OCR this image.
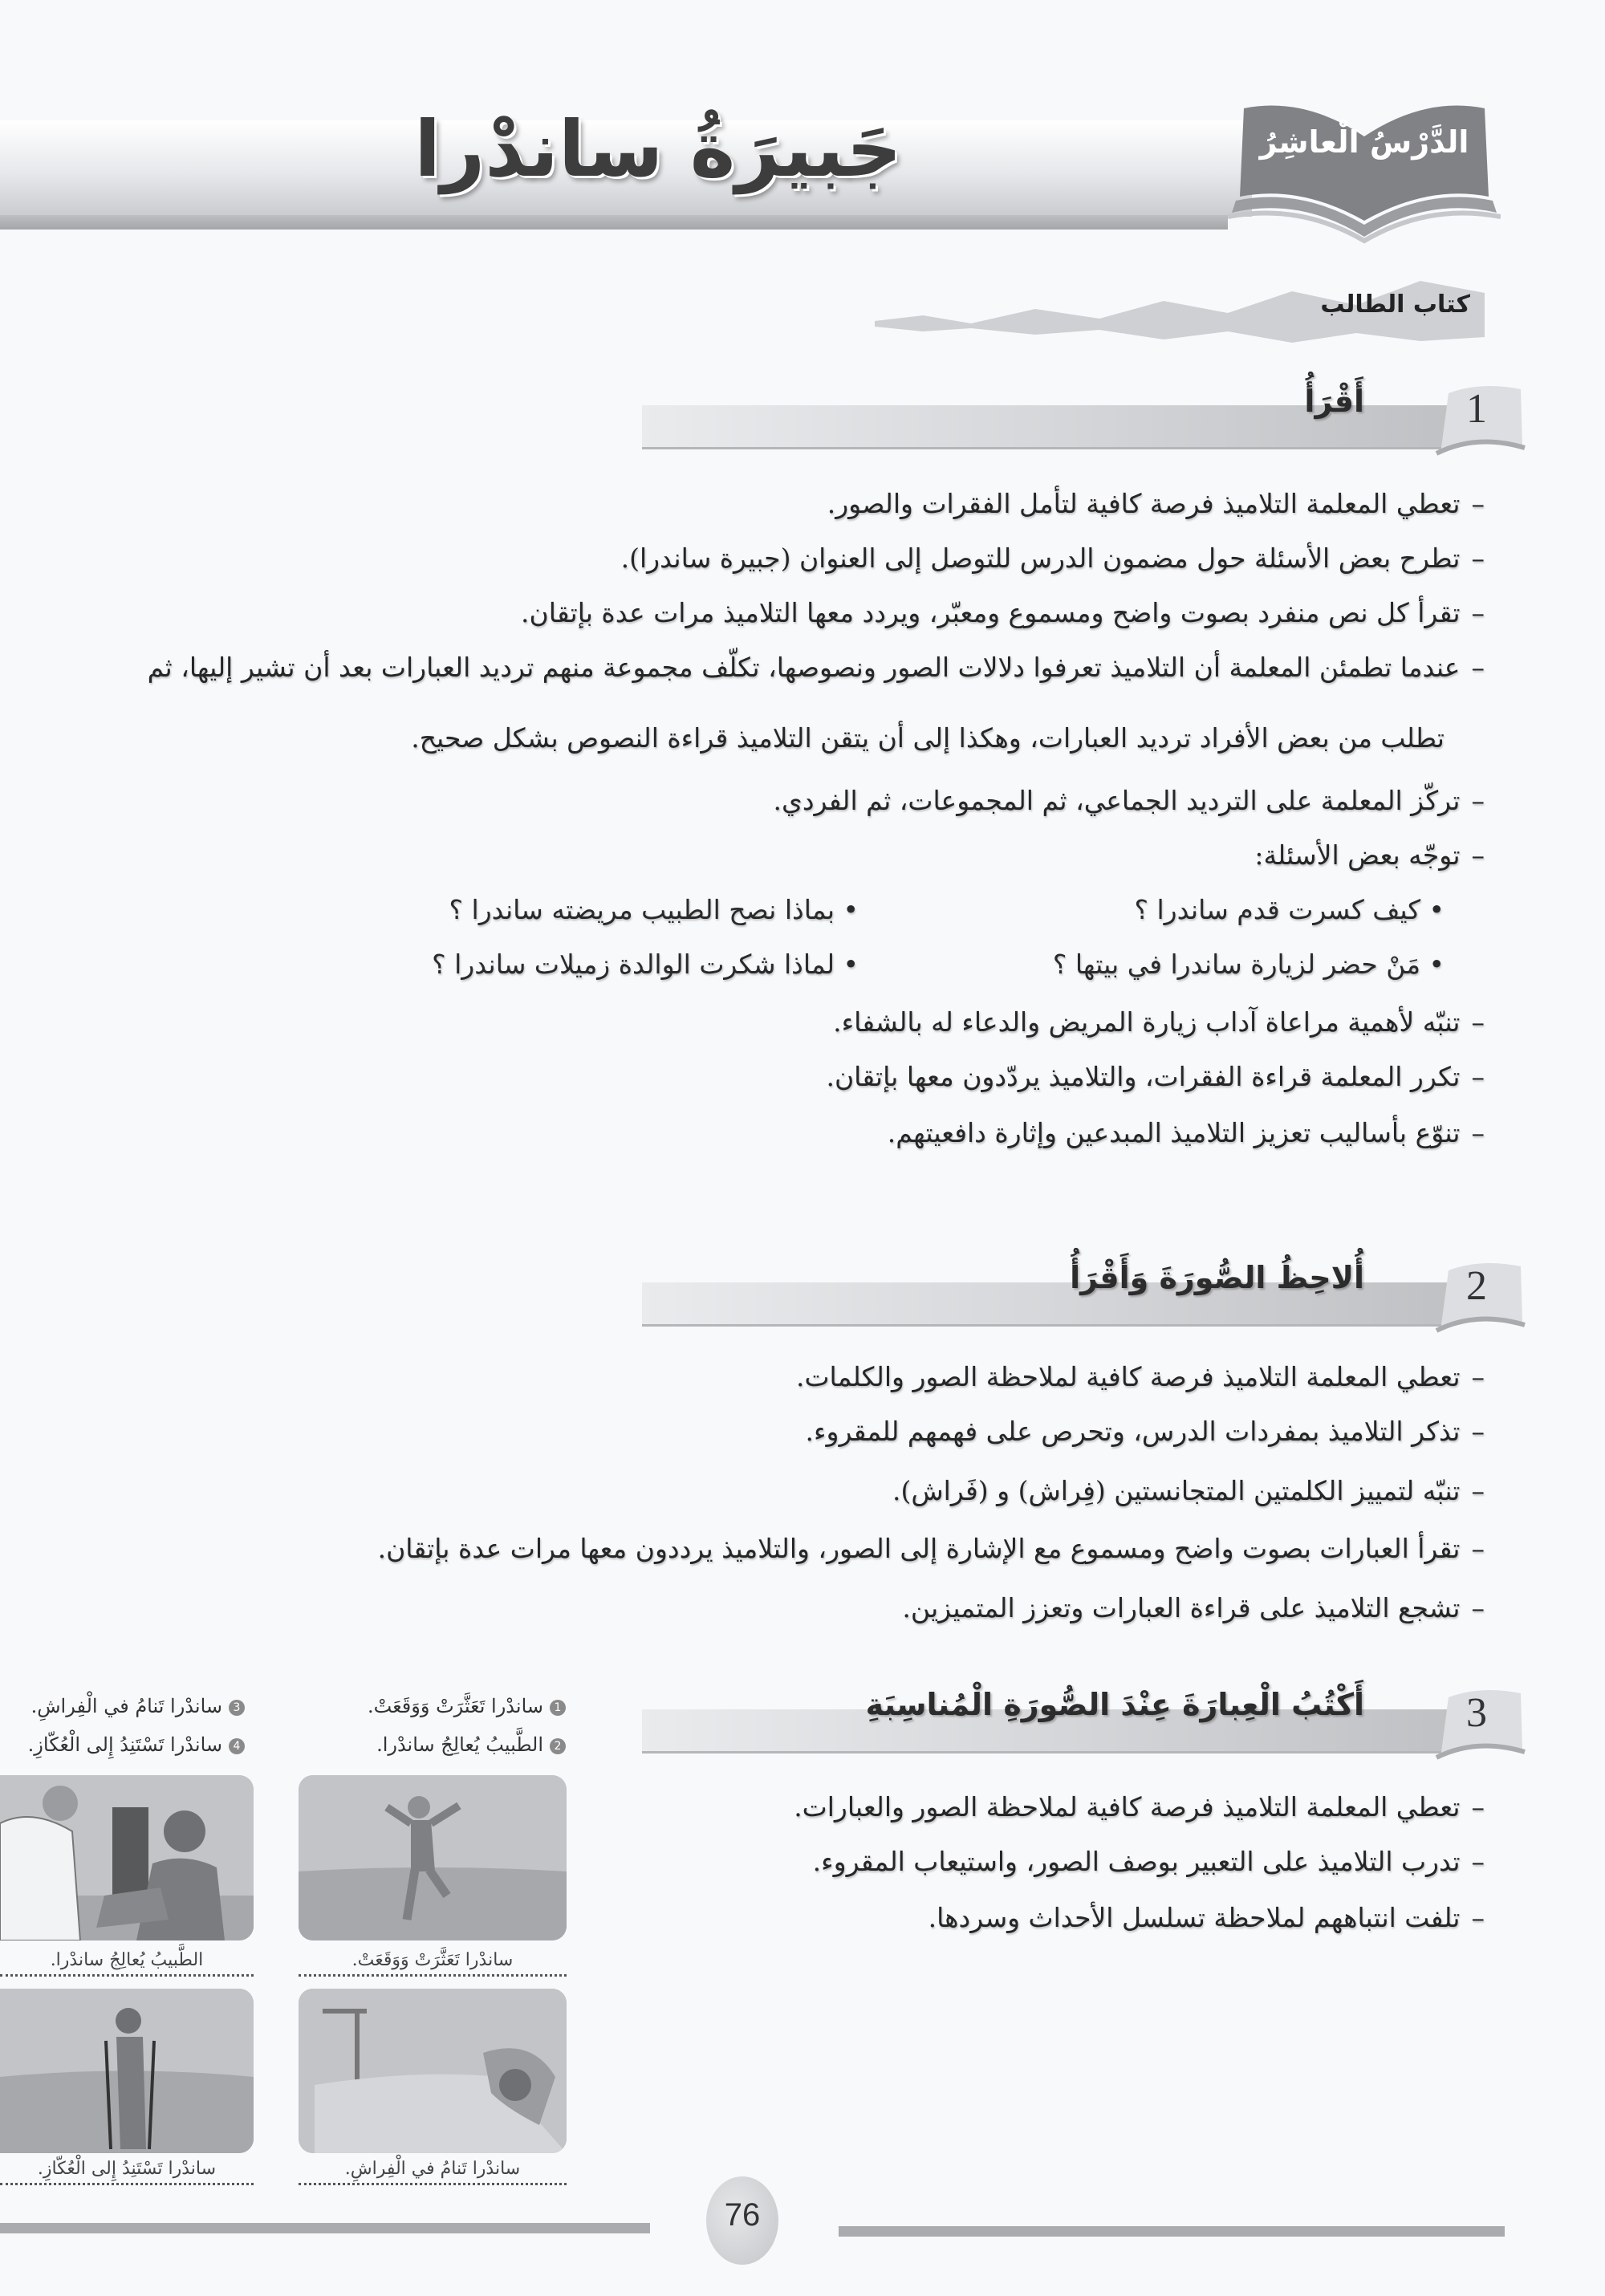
جَبيرَةُ ساندْرا	الدَّرْسُ الْعاشِرُ
كتاب الطالب
1
أَقْرَأُ
–تعطي المعلمة التلاميذ فرصة كافية لتأمل الفقرات والصور.
–تطرح بعض الأسئلة حول مضمون الدرس للتوصل إلى العنوان (جبيرة ساندرا).
–تقرأ كل نص منفرد بصوت واضح ومسموع ومعبّر، ويردد معها التلاميذ مرات عدة بإتقان.
–عندما تطمئن المعلمة أن التلاميذ تعرفوا دلالات الصور ونصوصها، تكلّف مجموعة منهم ترديد العبارات بعد أن تشير إليها، ثم
تطلب من بعض الأفراد ترديد العبارات، وهكذا إلى أن يتقن التلاميذ قراءة النصوص بشكل صحيح.
–تركّز المعلمة على الترديد الجماعي، ثم المجموعات، ثم الفردي.
–توجّه بعض الأسئلة:
• كيف كسرت قدم ساندرا ؟
• بماذا نصح الطبيب مريضته ساندرا ؟
• مَنْ حضر لزيارة ساندرا في بيتها ؟
• لماذا شكرت الوالدة زميلات ساندرا ؟
–تنبّه لأهمية مراعاة آداب زيارة المريض والدعاء له بالشفاء.
–تكرر المعلمة قراءة الفقرات، والتلاميذ يردّدون معها بإتقان.
–تنوّع بأساليب تعزيز التلاميذ المبدعين وإثارة دافعيتهم.
2
أُلاحِظُ الصُّورَةَ وَأَقْرَأُ
–تعطي المعلمة التلاميذ فرصة كافية لملاحظة الصور والكلمات.
–تذكر التلاميذ بمفردات الدرس، وتحرص على فهمهم للمقروء.
–تنبّه لتمييز الكلمتين المتجانستين (فِراش) و (فَراش).
–تقرأ العبارات بصوت واضح ومسموع مع الإشارة إلى الصور، والتلاميذ يرددون معها مرات عدة بإتقان.
–تشجع التلاميذ على قراءة العبارات وتعزز المتميزين.
3
أَكْتُبُ الْعِبارَةَ عِنْدَ الصُّورَةِ الْمُناسِبَةِ
–تعطي المعلمة التلاميذ فرصة كافية لملاحظة الصور والعبارات.
–تدرب التلاميذ على التعبير بوصف الصور، واستيعاب المقروء.
–تلفت انتباههم لملاحظة تسلسل الأحداث وسردها.
1ساندْرا تَعَثَّرَتْ وَوَقَعَتْ.
2الطَّبيبُ يُعالِجُ ساندْرا.
3ساندْرا تَنامُ في الْفِراشِ.
4ساندْرا تَسْتَنِدُ إِلى الْعُكّازِ.
ساندْرا تَعَثَّرَتْ وَوَقَعَتْ.
الطَّبيبُ يُعالِجُ ساندْرا.
ساندْرا تَنامُ في الْفِراشِ.
ساندْرا تَسْتَنِدُ إِلى الْعُكّازِ.
76
